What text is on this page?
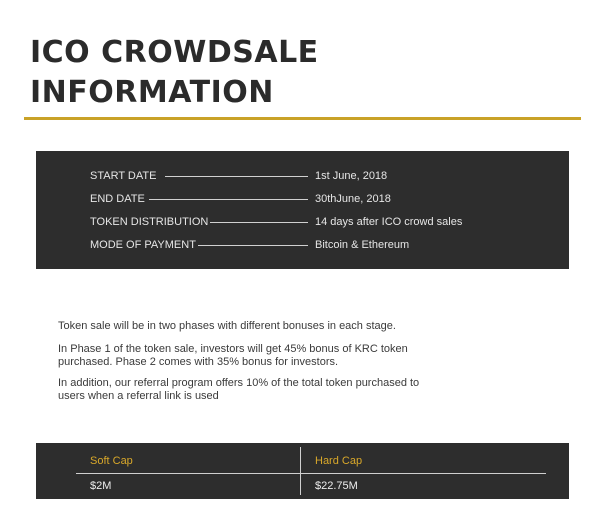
ICO CROWDSALE
INFORMATION
START DATE	1st June, 2018
END DATE	30thJune, 2018
TOKEN DISTRIBUTION	14 days after ICO crowd sales
MODE OF PAYMENT	Bitcoin & Ethereum
Token sale will be in two phases with different bonuses in each stage.
In Phase 1 of the token sale, investors will get 45% bonus of KRC token
purchased. Phase 2 comes with 35% bonus for investors.
In addition, our referral program offers 10% of the total token purchased to
users when a referral link is used
Soft Cap	Hard Cap
$2M	$22.75M
